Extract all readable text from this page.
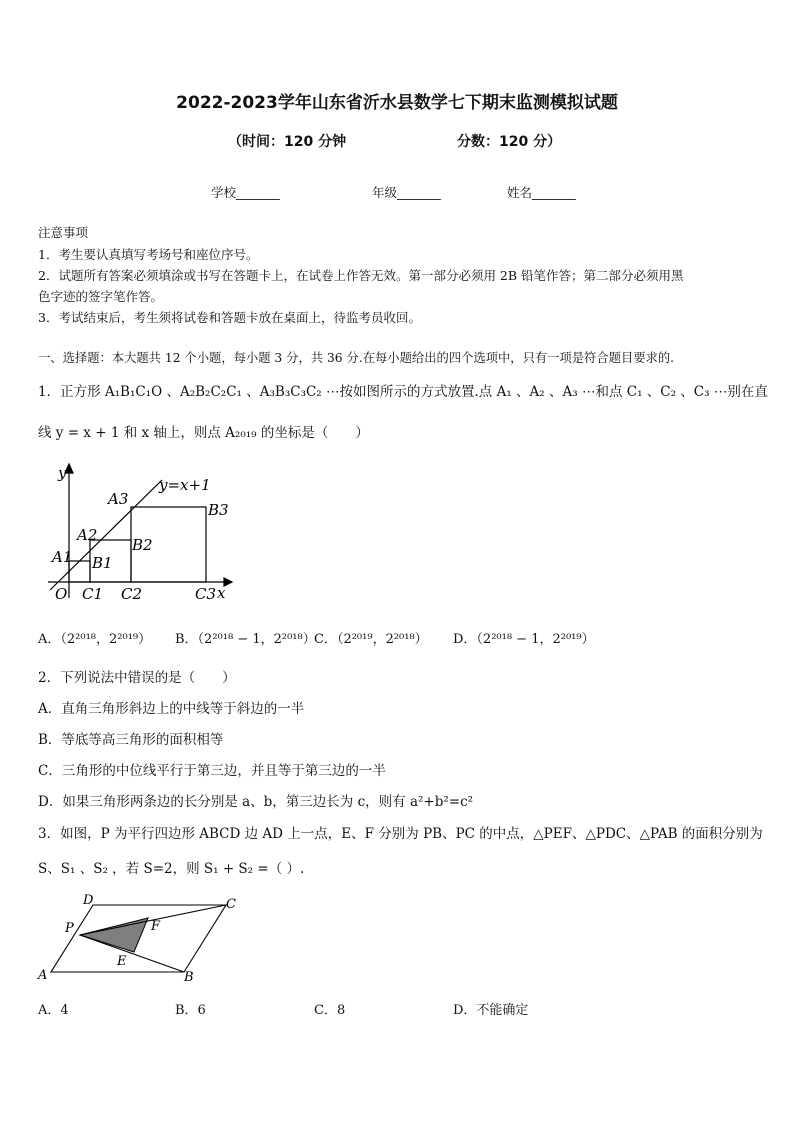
2022-2023学年山东省沂水县数学七下期末监测模拟试题
（时间：120 分钟	分数：120 分）
学校_______	年级_______	姓名_______
注意事项
1．考生要认真填写考场号和座位序号。
2．试题所有答案必须填涂或书写在答题卡上，在试卷上作答无效。第一部分必须用 2B 铅笔作答；第二部分必须用黑
色字迹的签字笔作答。
3．考试结束后，考生须将试卷和答题卡放在桌面上，待监考员收回。
一、选择题：本大题共 12 个小题，每小题 3 分，共 36 分.在每小题给出的四个选项中，只有一项是符合题目要求的.
1．正方形 A₁B₁C₁O 、A₂B₂C₂C₁ 、A₃B₃C₃C₂ ⋯按如图所示的方式放置.点 A₁ 、A₂ 、A₃ ⋯和点 C₁ 、C₂ 、C₃ ⋯别在直
线 y = x + 1 和 x 轴上，则点 A₂₀₁₉ 的坐标是（　　）
y
y=x+1
A3
B3
A2
B2
A1 B1
O C1 C2	C3 x
A．（2²⁰¹⁸，2²⁰¹⁹） B．（2²⁰¹⁸ − 1，2²⁰¹⁸）
C．（2²⁰¹⁹，2²⁰¹⁸） D．（2²⁰¹⁸ − 1，2²⁰¹⁹）
2．下列说法中错误的是（　　）
A．直角三角形斜边上的中线等于斜边的一半
B．等底等高三角形的面积相等
C．三角形的中位线平行于第三边，并且等于第三边的一半
D．如果三角形两条边的长分别是 a、b，第三边长为 c，则有 a²+b²=c²
3．如图，P 为平行四边形 ABCD 边 AD 上一点，E、F 分别为 PB、PC 的中点，△PEF、△PDC、△PAB 的面积分别为
S、S₁ 、S₂ ，若 S=2，则 S₁ + S₂ =（ ）.
D	C
P	F
E
A	B
A．4	B．6	C．8	D．不能确定
